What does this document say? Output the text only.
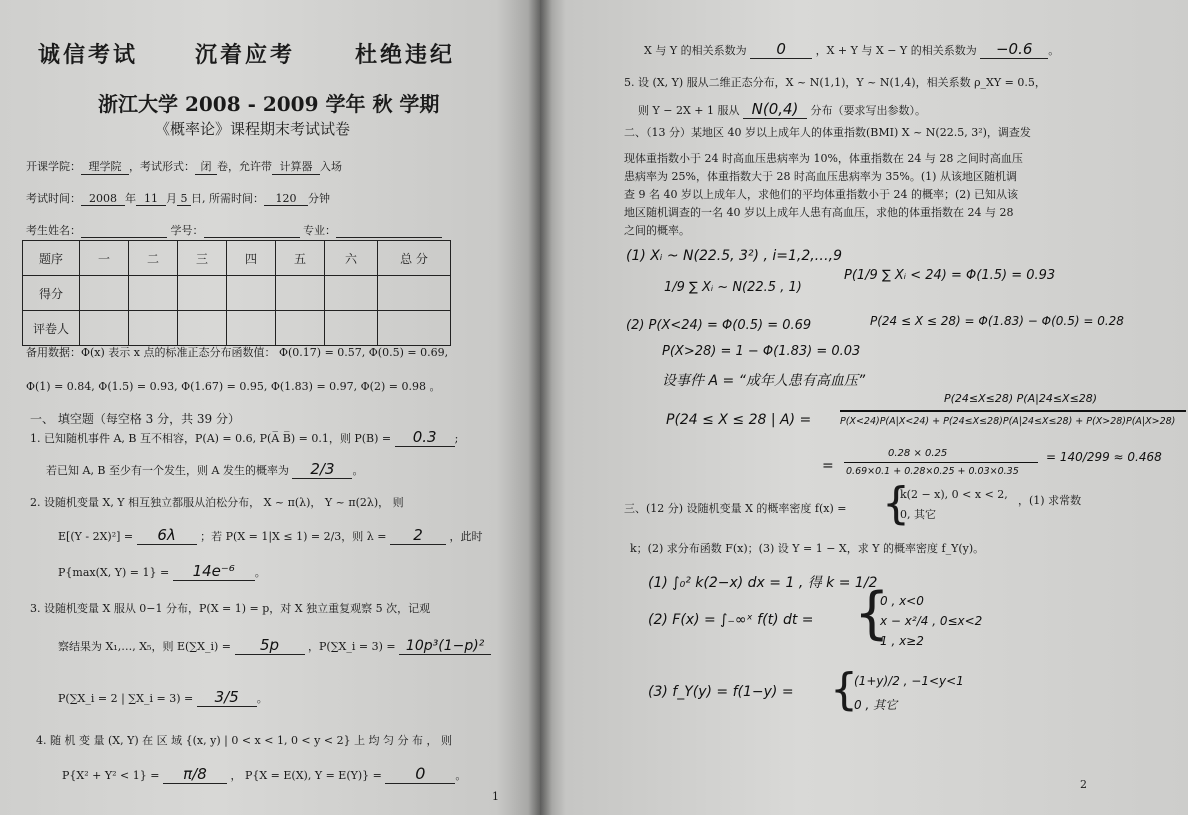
诚信考试	沉着应考	杜绝违纪
浙江大学 2008 - 2009 学年 秋 学期
《概率论》课程期末考试试卷
开课学院： 理学院 ，考试形式： 闭 卷，允许带 计算器 入场
考试时间： 2008 年 11 月 5 日, 所需时间： 120 分钟
考生姓名：	学号：	专业：
题序	一	二	三	四	五	六	总 分
得分							
评卷人							
备用数据：Φ(x) 表示 x 点的标准正态分布函数值： Φ(0.17) = 0.57, Φ(0.5) = 0.69,
Φ(1) = 0.84, Φ(1.5) = 0.93, Φ(1.67) = 0.95, Φ(1.83) = 0.97, Φ(2) = 0.98 。
一、 填空题（每空格 3 分，共 39 分）
1. 已知随机事件 A, B 互不相容，P(A) = 0.6, P(A̅ B̅) = 0.1，则 P(B) = 0.3 ;
若已知 A, B 至少有一个发生，则 A 发生的概率为 2/3 。
2. 设随机变量 X, Y 相互独立都服从泊松分布， X ~ π(λ)， Y ~ π(2λ)， 则
E[(Y - 2X)²] = 6λ ；若 P(X = 1|X ≤ 1) = 2/3，则 λ = 2 ，此时
P{max(X, Y) = 1} = 14e⁻⁶ 。
3. 设随机变量 X 服从 0−1 分布，P(X = 1) = p，对 X 独立重复观察 5 次，记观
察结果为 X₁,…, X₅，则 E(∑X_i) = 5p	，P(∑X_i = 3) = 10p³(1−p)²
P(∑X_i = 2 | ∑X_i = 3) = 3/5 。
4. 随 机 变 量 (X, Y) 在 区 域 {(x, y) | 0 < x < 1, 0 < y < 2} 上 均 匀 分 布 ， 则
P{X² + Y² < 1} = π/8 ， P{X = E(X), Y = E(Y)} = 0	。
1
X 与 Y 的相关系数为 0	，X + Y 与 X − Y 的相关系数为 −0.6 。
5. 设 (X, Y) 服从二维正态分布，X ~ N(1,1)，Y ~ N(1,4)，相关系数 ρ_XY = 0.5，
则 Y − 2X + 1 服从 N(0,4) 分布（要求写出参数）。
二、（13 分）某地区 40 岁以上成年人的体重指数(BMI) X ~ N(22.5, 3²)，调查发
现体重指数小于 24 时高血压患病率为 10%，体重指数在 24 与 28 之间时高血压
患病率为 25%，体重指数大于 28 时高血压患病率为 35%。(1) 从该地区随机调
查 9 名 40 岁以上成年人，求他们的平均体重指数小于 24 的概率；(2) 已知从该
地区随机调查的一名 40 岁以上成年人患有高血压，求他的体重指数在 24 与 28
之间的概率。
(1) Xᵢ ~ N(22.5, 3²) , i=1,2,…,9
1/9 ∑ Xᵢ ~ N(22.5 , 1)
P(1/9 ∑ Xᵢ < 24) = Φ(1.5) = 0.93
(2) P(X<24) = Φ(0.5) = 0.69	P(24 ≤ X ≤ 28) = Φ(1.83) − Φ(0.5) = 0.28
P(X>28) = 1 − Φ(1.83) = 0.03
设事件 A = “成年人患有高血压”
P(24 ≤ X ≤ 28 | A) =
P(24≤X≤28) P(A|24≤X≤28)
P(X<24)P(A|X<24) + P(24≤X≤28)P(A|24≤X≤28) + P(X>28)P(A|X>28)
=
0.28 × 0.25
0.69×0.1 + 0.28×0.25 + 0.03×0.35
= 140/299 ≈ 0.468
三、(12 分) 设随机变量 X 的概率密度 f(x) = {
k(2 − x), 0 < x < 2,
0, 其它
，(1) 求常数
k；(2) 求分布函数 F(x)；(3) 设 Y = 1 − X，求 Y 的概率密度 f_Y(y)。
(1) ∫₀² k(2−x) dx = 1 , 得 k = 1/2
(2) F(x) = ∫₋∞ˣ f(t) dt = {
0 , x<0
x − x²/4 , 0≤x<2
1 , x≥2
(3) f_Y(y) = f(1−y) = {
(1+y)/2 , −1<y<1
0 , 其它
2
